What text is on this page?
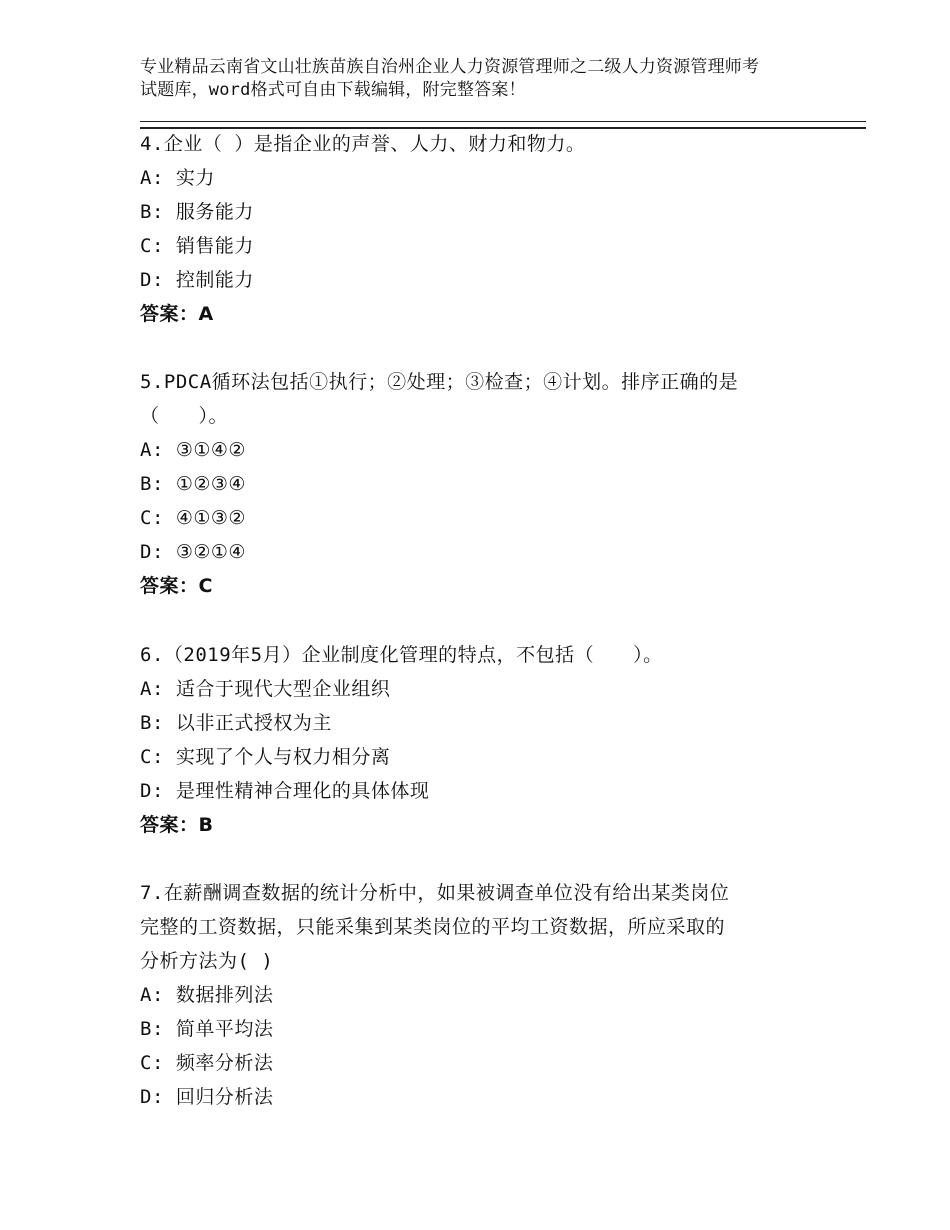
专业精品云南省文山壮族苗族自治州企业人力资源管理师之二级人力资源管理师考
试题库，word格式可自由下载编辑，附完整答案！
4.企业（ ）是指企业的声誉、人力、财力和物力。
A: 实力
B: 服务能力
C: 销售能力
D: 控制能力
答案：A
5.PDCA循环法包括①执行；②处理；③检查；④计划。排序正确的是
（　　）。
A: ③①④②
B: ①②③④
C: ④①③②
D: ③②①④
答案：C
6.（2019年5月）企业制度化管理的特点，不包括（　　）。
A: 适合于现代大型企业组织
B: 以非正式授权为主
C: 实现了个人与权力相分离
D: 是理性精神合理化的具体体现
答案：B
7.在薪酬调查数据的统计分析中，如果被调查单位没有给出某类岗位
完整的工资数据，只能采集到某类岗位的平均工资数据，所应采取的
分析方法为( )
A: 数据排列法
B: 简单平均法
C: 频率分析法
D: 回归分析法
